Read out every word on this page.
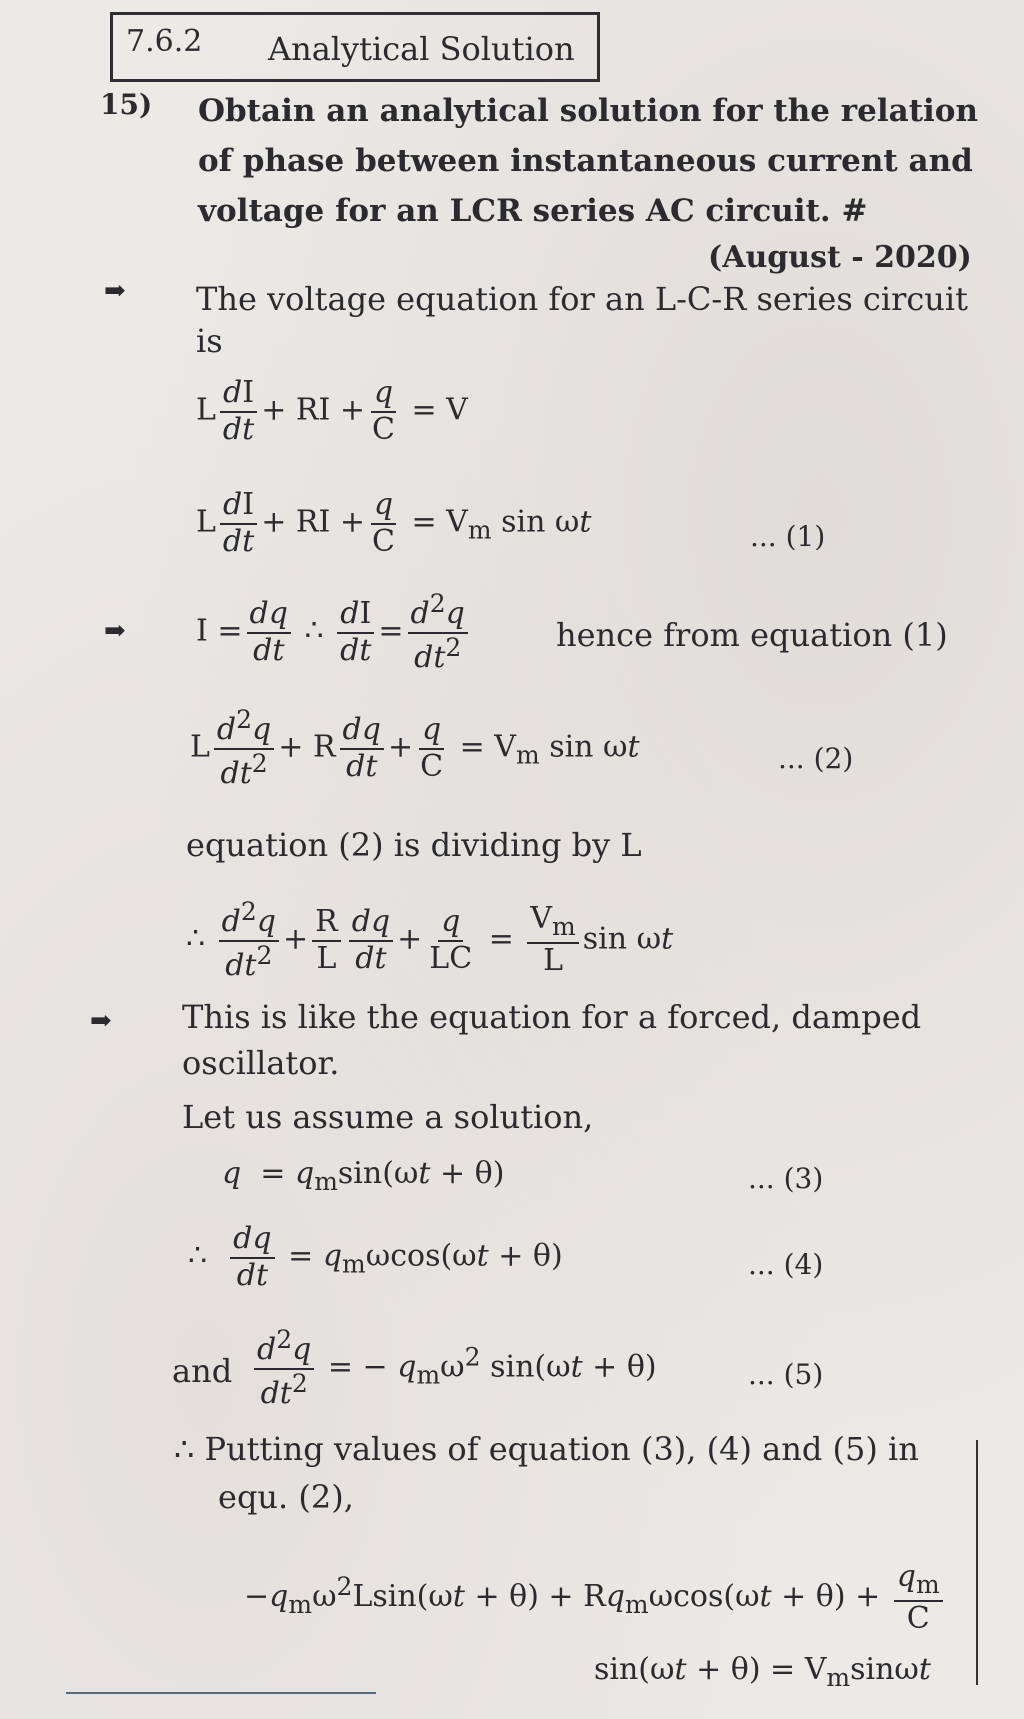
7.6.2 Analytical Solution
15) Obtain an analytical solution for the relation
of phase between instantaneous current and
voltage for an LCR series AC circuit. #
(August - 2020)
➡ The voltage equation for an L-C-R series circuit
is
L $\frac{dI}{dt}$ + RI + $\frac{q}{C} = V$
L $\frac{dI}{dt}$ + RI + $\frac{q}{C} = V_m$ sin ωt	... (1)
➡ $I = \frac{dq}{dt}$ ∴ $\frac{dI}{dt} = \frac{d^2q}{dt^2}$	hence from equation (1)
L $\frac{d^2q}{dt^2} + R \frac{dq}{dt} + \frac{q}{C} = V_m$ sin ωt	... (2)
equation (2) is dividing by L
∴ $\frac{d^2q}{dt^2} + \frac{R}{L} \frac{dq}{dt} + \frac{q}{LC} = \frac{V_m}{L}$ sin ωt
➡ This is like the equation for a forced, damped
oscillator.
Let us assume a solution,
$q = q_m\sin(\omega t + \theta)$	... (3)
∴ $\frac{dq}{dt} = q_m\omega\cos(\omega t + \theta)$	... (4)
and $\frac{d^2q}{dt^2}$ = − $q_m\omega^2$ sin(ωt + θ)	... (5)
∴ Putting values of equation (3), (4) and (5) in
equ. (2),
$-q_m\omega^2Lsin(\omega t + \theta) + Rq_m\omega\cos(\omega t + \theta) + \frac{q_m}{C}$
$\sin(\omega t + \theta) = V_m\sin\omega t$
